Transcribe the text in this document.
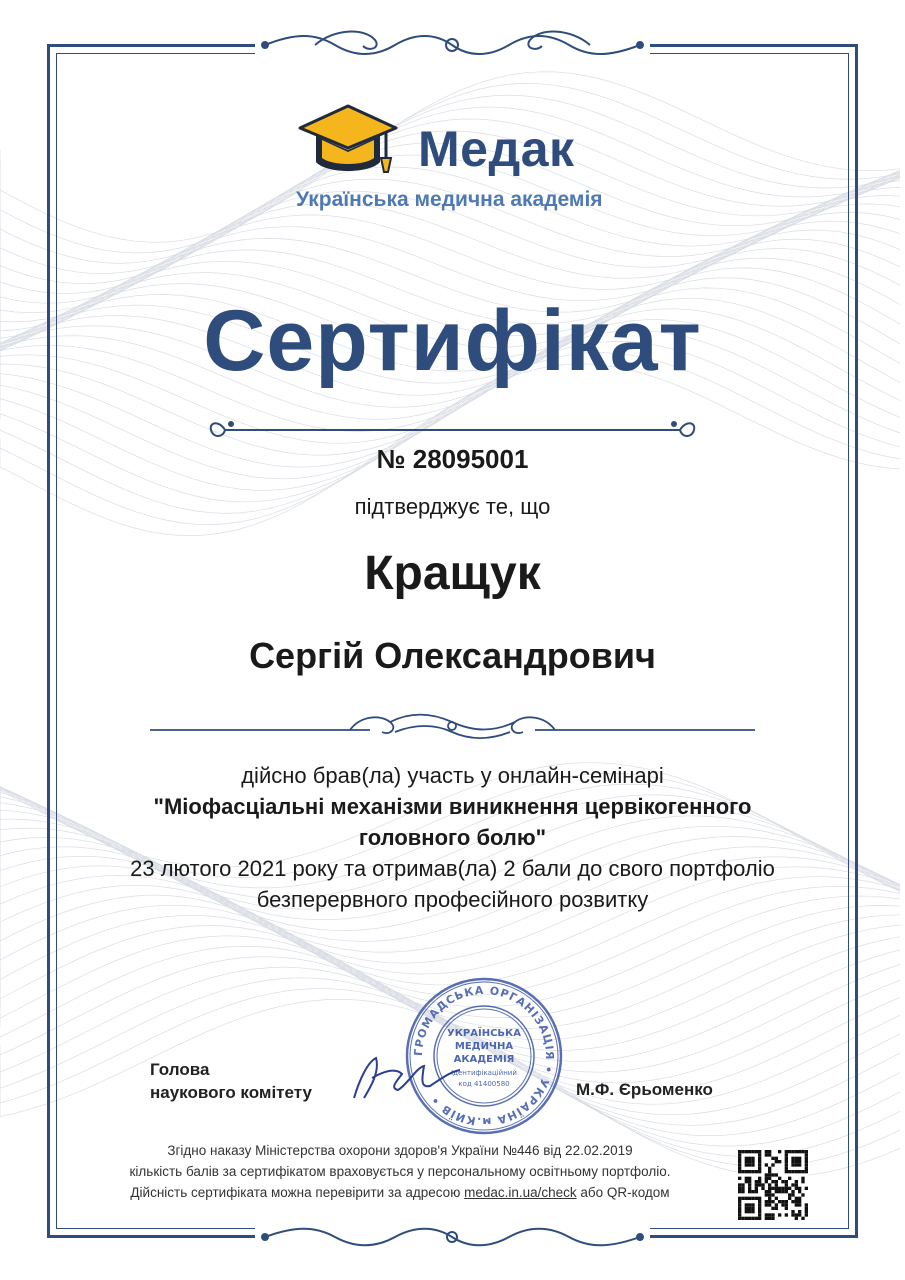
Медак
Українська медична академія
Сертифікат
№ 28095001
підтверджує те, що
Кращук
Сергій Олександрович
дійсно брав(ла) участь у онлайн-семінарі
"Міофасціальні механізми виникнення цервікогенного
головного болю"
23 лютого 2021 року та отримав(ла) 2 бали до свого портфоліо
безперервного професійного розвитку
Голова
наукового комітету
ГРОМАДСЬКА ОРГАНІЗАЦІЯ • УКРАЇНА м.КИЇВ •
УКРАЇНСЬКА
МЕДИЧНА
АКАДЕМІЯ
Ідентифікаційний
код 41400580	М.Ф. Єрьоменко
Згідно наказу Міністерства охорони здоров'я України №446 від 22.02.2019
кількість балів за сертифікатом враховується у персональному освітньому портфоліо.
Дійсність сертифіката можна перевірити за адресою medac.in.ua/check або QR-кодом
